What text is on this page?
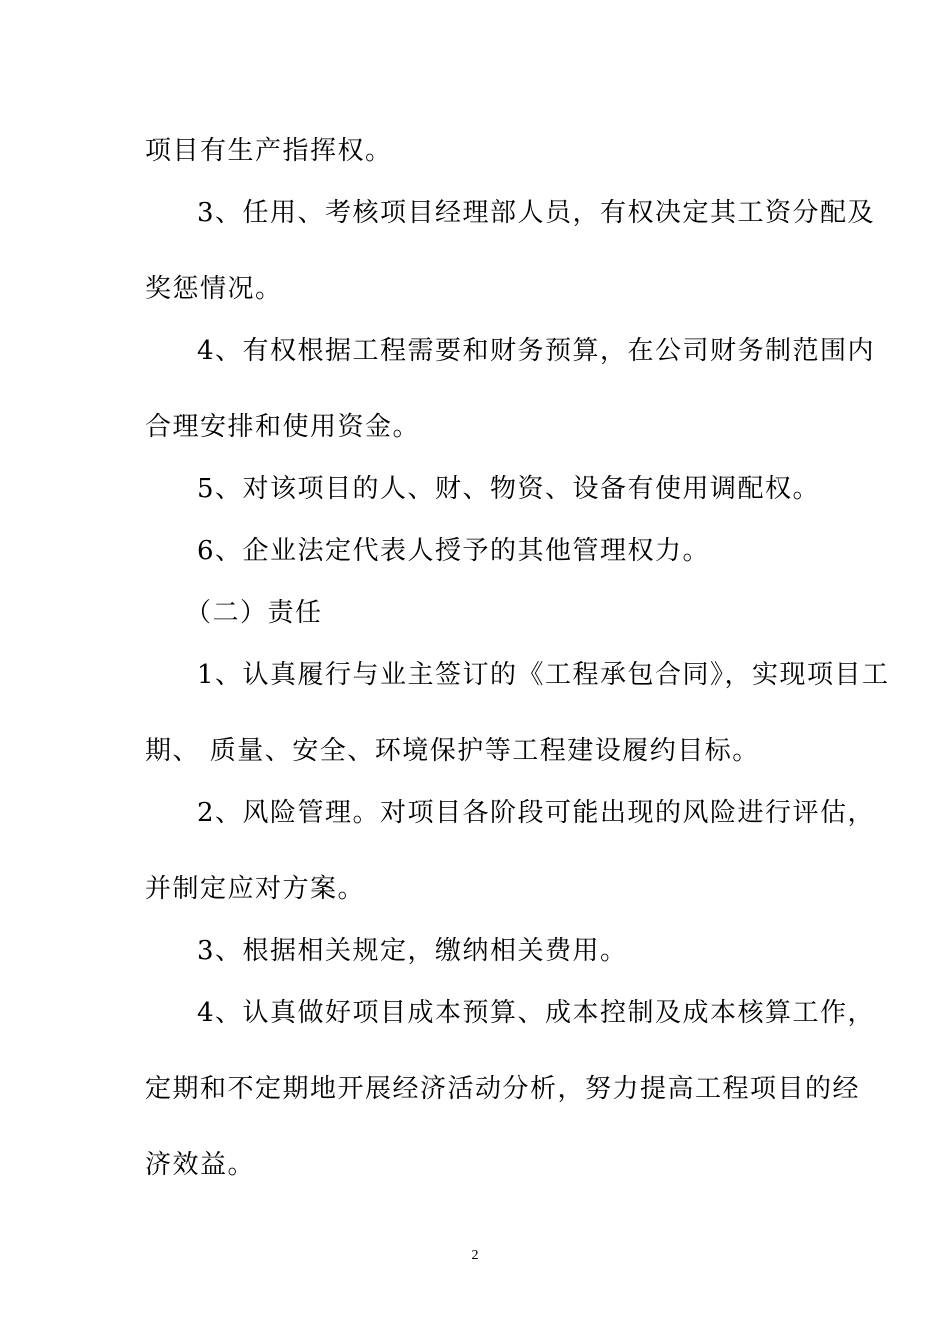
项目有生产指挥权。
3、任用、考核项目经理部人员，有权决定其工资分配及
奖惩情况。
4、有权根据工程需要和财务预算，在公司财务制范围内
合理安排和使用资金。
5、对该项目的人、财、物资、设备有使用调配权。
6、企业法定代表人授予的其他管理权力。
（二）责任
1、认真履行与业主签订的《工程承包合同》，实现项目工
期、 质量、安全、环境保护等工程建设履约目标。
2、风险管理。对项目各阶段可能出现的风险进行评估，
并制定应对方案。
3、根据相关规定，缴纳相关费用。
4、认真做好项目成本预算、成本控制及成本核算工作，
定期和不定期地开展经济活动分析，努力提高工程项目的经
济效益。
2
